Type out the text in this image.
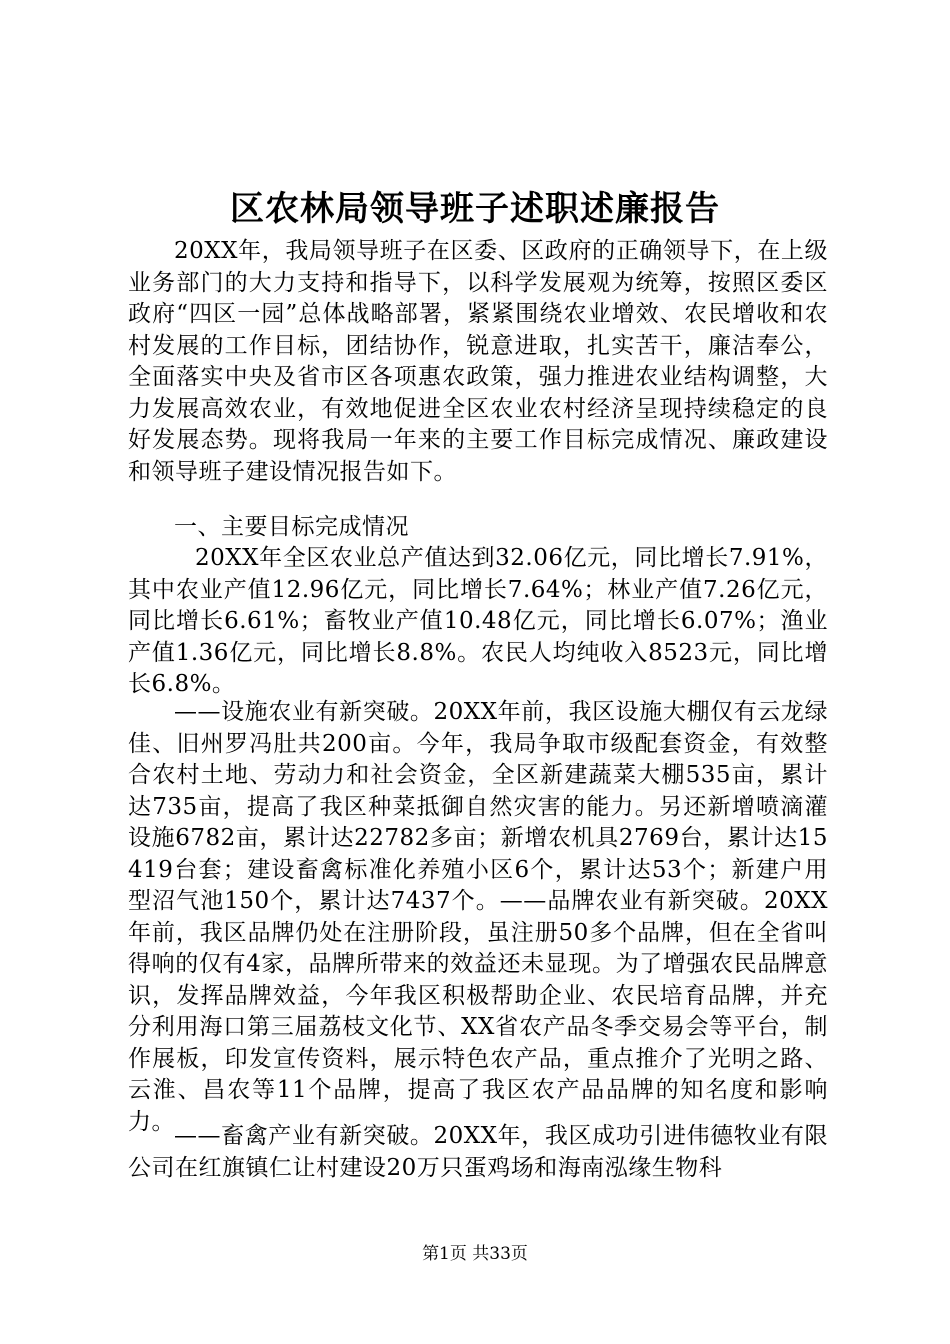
区农林局领导班子述职述廉报告
20XX年，我局领导班子在区委、区政府的正确领导下，在上级业务部门的大力支持和指导下，以科学发展观为统筹，按照区委区政府“四区一园”总体战略部署，紧紧围绕农业增效、农民增收和农村发展的工作目标，团结协作，锐意进取，扎实苦干，廉洁奉公，全面落实中央及省市区各项惠农政策，强力推进农业结构调整，大力发展高效农业，有效地促进全区农业农村经济呈现持续稳定的良好发展态势。现将我局一年来的主要工作目标完成情况、廉政建设和领导班子建设情况报告如下。
一、主要目标完成情况
20XX年全区农业总产值达到32.06亿元，同比增长7.91%，其中农业产值12.96亿元，同比增长7.64%；林业产值7.26亿元，同比增长6.61%；畜牧业产值10.48亿元，同比增长6.07%；渔业产值1.36亿元，同比增长8.8%。农民人均纯收入8523元，同比增长6.8%。
——设施农业有新突破。20XX年前，我区设施大棚仅有云龙绿佳、旧州罗冯肚共200亩。今年，我局争取市级配套资金，有效整合农村土地、劳动力和社会资金，全区新建蔬菜大棚535亩，累计达735亩，提高了我区种菜抵御自然灾害的能力。另还新增喷滴灌设施6782亩，累计达22782多亩；新增农机具2769台，累计达15419台套；建设畜禽标准化养殖小区6个，累计达53个；新建户用型沼气池150个，累计达7437个。——品牌农业有新突破。20XX年前，我区品牌仍处在注册阶段，虽注册50多个品牌，但在全省叫得响的仅有4家，品牌所带来的效益还未显现。为了增强农民品牌意识，发挥品牌效益，今年我区积极帮助企业、农民培育品牌，并充分利用海口第三届荔枝文化节、XX省农产品冬季交易会等平台，制作展板，印发宣传资料，展示特色农产品，重点推介了光明之路、云淮、昌农等11个品牌，提高了我区农产品品牌的知名度和影响力。
——畜禽产业有新突破。20XX年，我区成功引进伟德牧业有限公司在红旗镇仁让村建设20万只蛋鸡场和海南泓缘生物科
第1页 共33页
